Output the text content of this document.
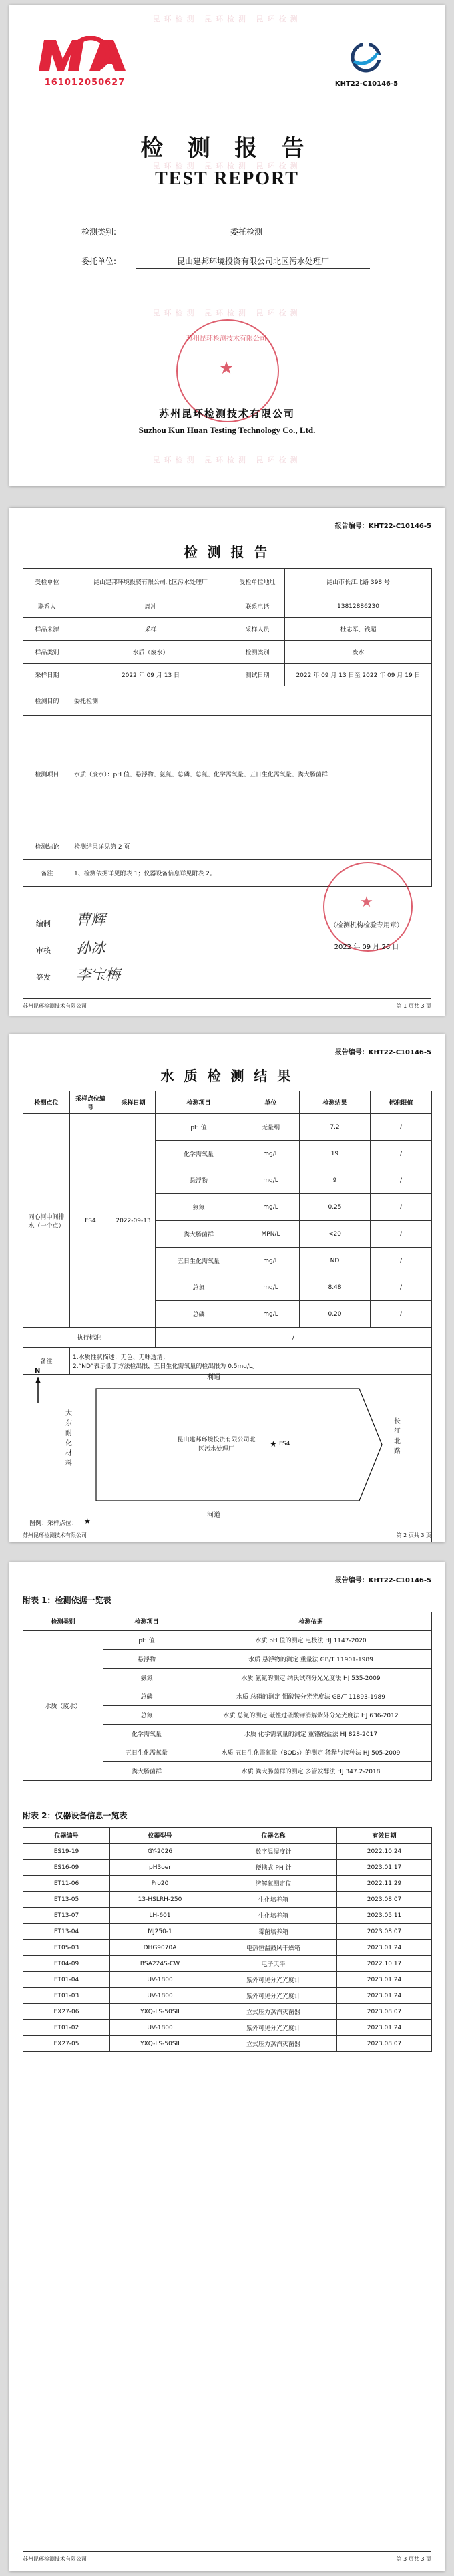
昆环检测 昆环检测 昆环检测
昆环检测 昆环检测 昆环检测
昆环检测 昆环检测 昆环检测
昆环检测 昆环检测 昆环检测
161012050627	KHT22-C10146-5
检 测 报 告
TEST REPORT
检测类别:	委托检测
委托单位:	昆山建邦环境投资有限公司北区污水处理厂
★
苏州昆环检测技术有限公司
苏州昆环检测技术有限公司
Suzhou Kun Huan Testing Technology Co., Ltd.
报告编号：KHT22-C10146-5
检 测 报 告
受检单位	昆山建邦环境投资有限公司北区污水处理厂	受检单位地址	昆山市长江北路 398 号
联系人	周冲	联系电话	13812886230
样品来源	采样	采样人员	杜志军、钱超
样品类别	水质（废水）	检测类别	废水
采样日期	2022 年 09 月 13 日	测试日期	2022 年 09 月 13 日至 2022 年 09 月 19 日
检测目的	委托检测		
检测项目	水质（废水）：pH 值、悬浮物、氨氮、总磷、总氮、化学需氧量、五日生化需氧量、粪大肠菌群		
检测结论	检测结果详见第 2 页		
备注	1、检测依据详见附表 1；仪器设备信息详见附表 2。		
★
（检测机构检验专用章）
2022 年 09 月 26 日
编制 曹辉
审核 孙冰
签发 李宝梅
苏州昆环检测技术有限公司	第 1 页共 3 页
报告编号：KHT22-C10146-5
水 质 检 测 结 果
检测点位	采样点位编号	采样日期	检测项目	单位	检测结果	标准限值
同心河中间排水（一个点）	FS4	2022-09-13	pH 值	无量纲	7.2	/
			化学需氧量	mg/L	19	/
			悬浮物	mg/L	9	/
			氨氮	mg/L	0.25	/
			粪大肠菌群	MPN/L	<20	/
			五日生化需氧量	mg/L	ND	/
			总氮	mg/L	8.48	/
			总磷	mg/L	0.20	/
执行标准			/			
备注	1.水质性状描述：无色、无味透清；
2.“ND”表示低于方法检出限，五日生化需氧量的检出限为 0.5mg/L。					

N
利通
河道
大东耐化材料
长江北路
昆山建邦环境投资有限公司北区污水处理厂
★ FS4
图例：采样点位： ★
苏州昆环检测技术有限公司	第 2 页共 3 页
报告编号：KHT22-C10146-5
附表 1：检测依据一览表
检测类别	检测项目	检测依据
水质（废水）	pH 值	水质 pH 值的测定 电极法 HJ 1147-2020
	悬浮物	水质 悬浮物的测定 重量法 GB/T 11901-1989
	氨氮	水质 氨氮的测定 纳氏试剂分光光度法 HJ 535-2009
	总磷	水质 总磷的测定 钼酸铵分光光度法 GB/T 11893-1989
	总氮	水质 总氮的测定 碱性过硫酸钾消解紫外分光光度法 HJ 636-2012
	化学需氧量	水质 化学需氧量的测定 重铬酸盐法 HJ 828-2017
	五日生化需氧量	水质 五日生化需氧量（BOD₅）的测定 稀释与接种法 HJ 505-2009
	粪大肠菌群	水质 粪大肠菌群的测定 多管发酵法 HJ 347.2-2018
附表 2：仪器设备信息一览表
仪器编号	仪器型号	仪器名称	有效日期
ES19-19	GY-2026	数字温湿度计	2022.10.24
ES16-09	pH3oer	便携式 PH 计	2023.01.17
ET11-06	Pro20	溶解氧测定仪	2022.11.29
ET13-05	13-HSLRH-250	生化培养箱	2023.08.07
ET13-07	LH-601	生化培养箱	2023.05.11
ET13-04	MJ250-1	霉菌培养箱	2023.08.07
ET05-03	DHG9070A	电热恒温鼓风干燥箱	2023.01.24
ET04-09	BSA224S-CW	电子天平	2022.10.17
ET01-04	UV-1800	紫外可见分光光度计	2023.01.24
ET01-03	UV-1800	紫外可见分光光度计	2023.01.24
EX27-06	YXQ-LS-50SII	立式压力蒸汽灭菌器	2023.08.07
ET01-02	UV-1800	紫外可见分光光度计	2023.01.24
EX27-05	YXQ-LS-50SII	立式压力蒸汽灭菌器	2023.08.07
苏州昆环检测技术有限公司	第 3 页共 3 页
